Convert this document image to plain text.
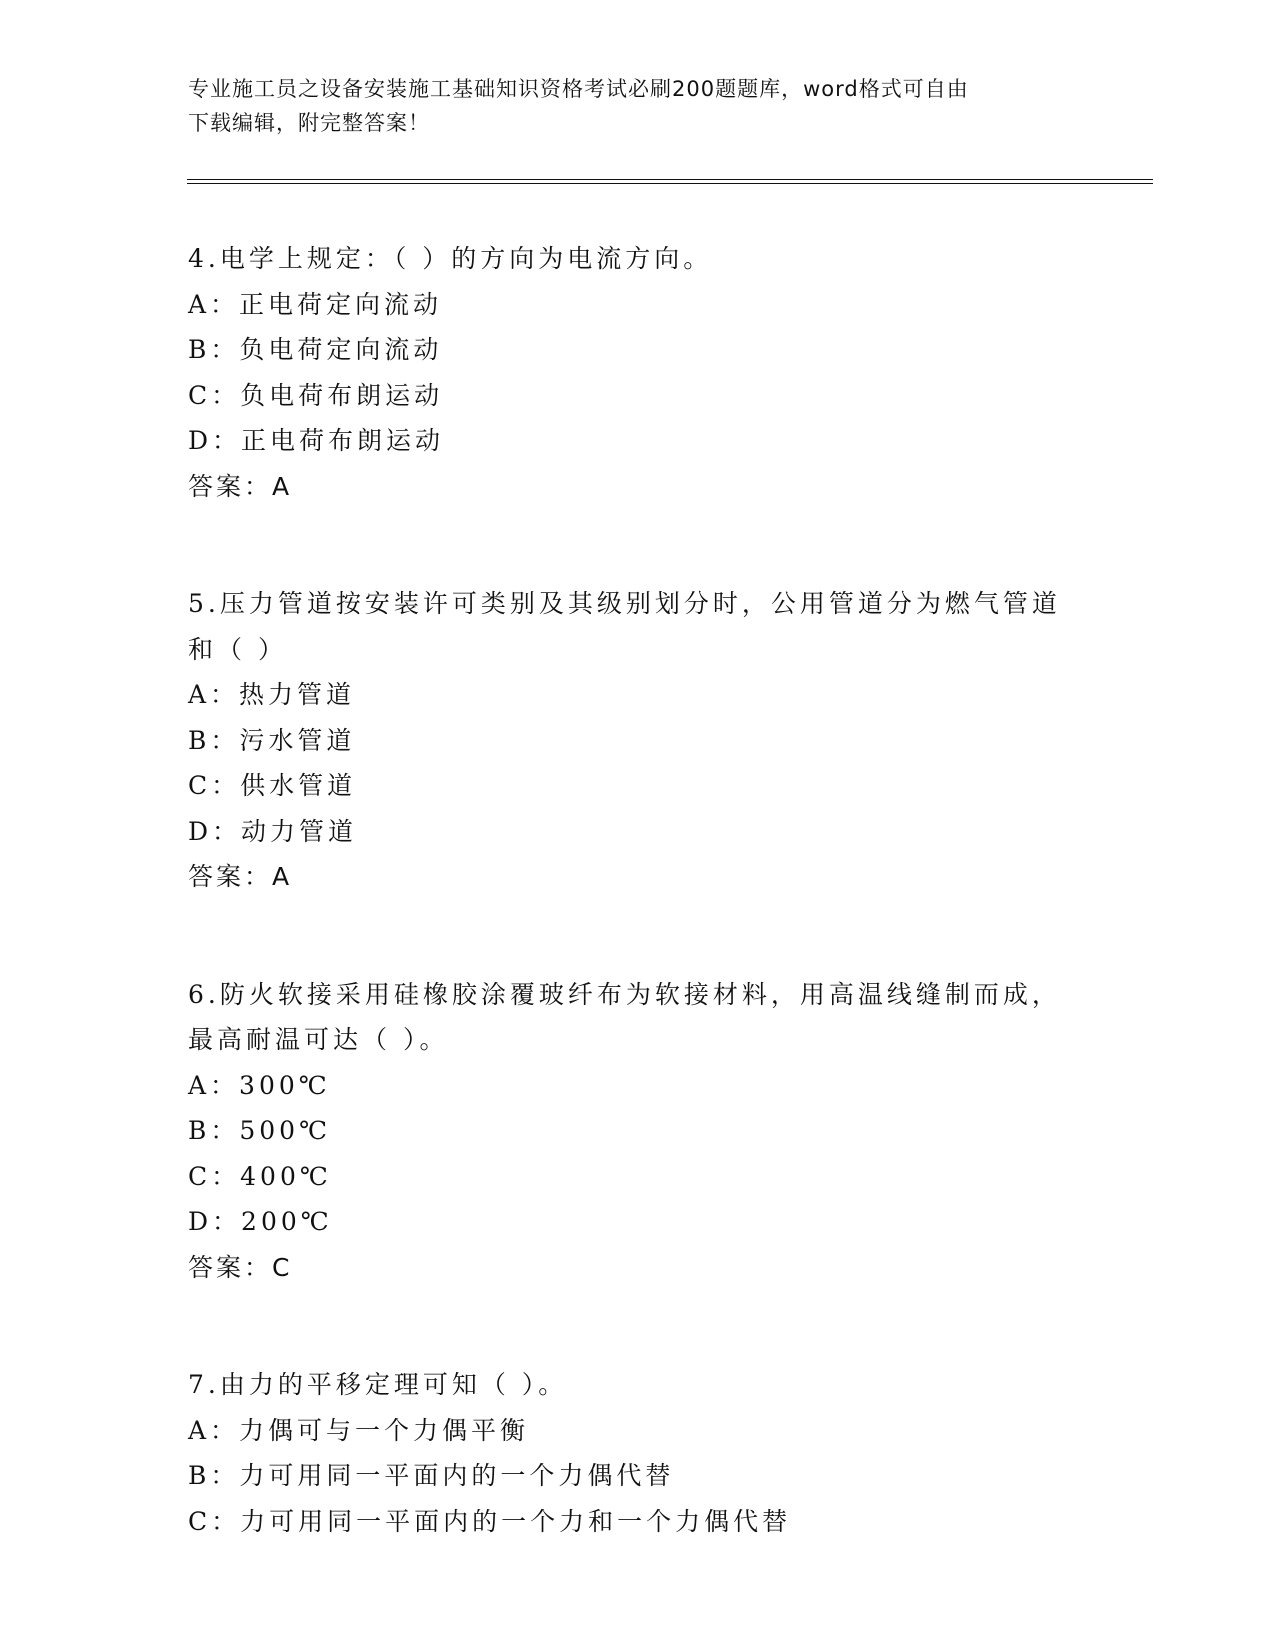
专业施工员之设备安装施工基础知识资格考试必刷200题题库，word格式可自由
下载编辑，附完整答案！
4.电学上规定：（ ）的方向为电流方向。
A：正电荷定向流动
B：负电荷定向流动
C：负电荷布朗运动
D：正电荷布朗运动
答案：A
5.压力管道按安装许可类别及其级别划分时，公用管道分为燃气管道
和（ ）
A：热力管道
B：污水管道
C：供水管道
D：动力管道
答案：A
6.防火软接采用硅橡胶涂覆玻纤布为软接材料，用高温线缝制而成，
最高耐温可达（ ）。
A：300℃
B：500℃
C：400℃
D：200℃
答案：C
7.由力的平移定理可知（ ）。
A：力偶可与一个力偶平衡
B：力可用同一平面内的一个力偶代替
C：力可用同一平面内的一个力和一个力偶代替
